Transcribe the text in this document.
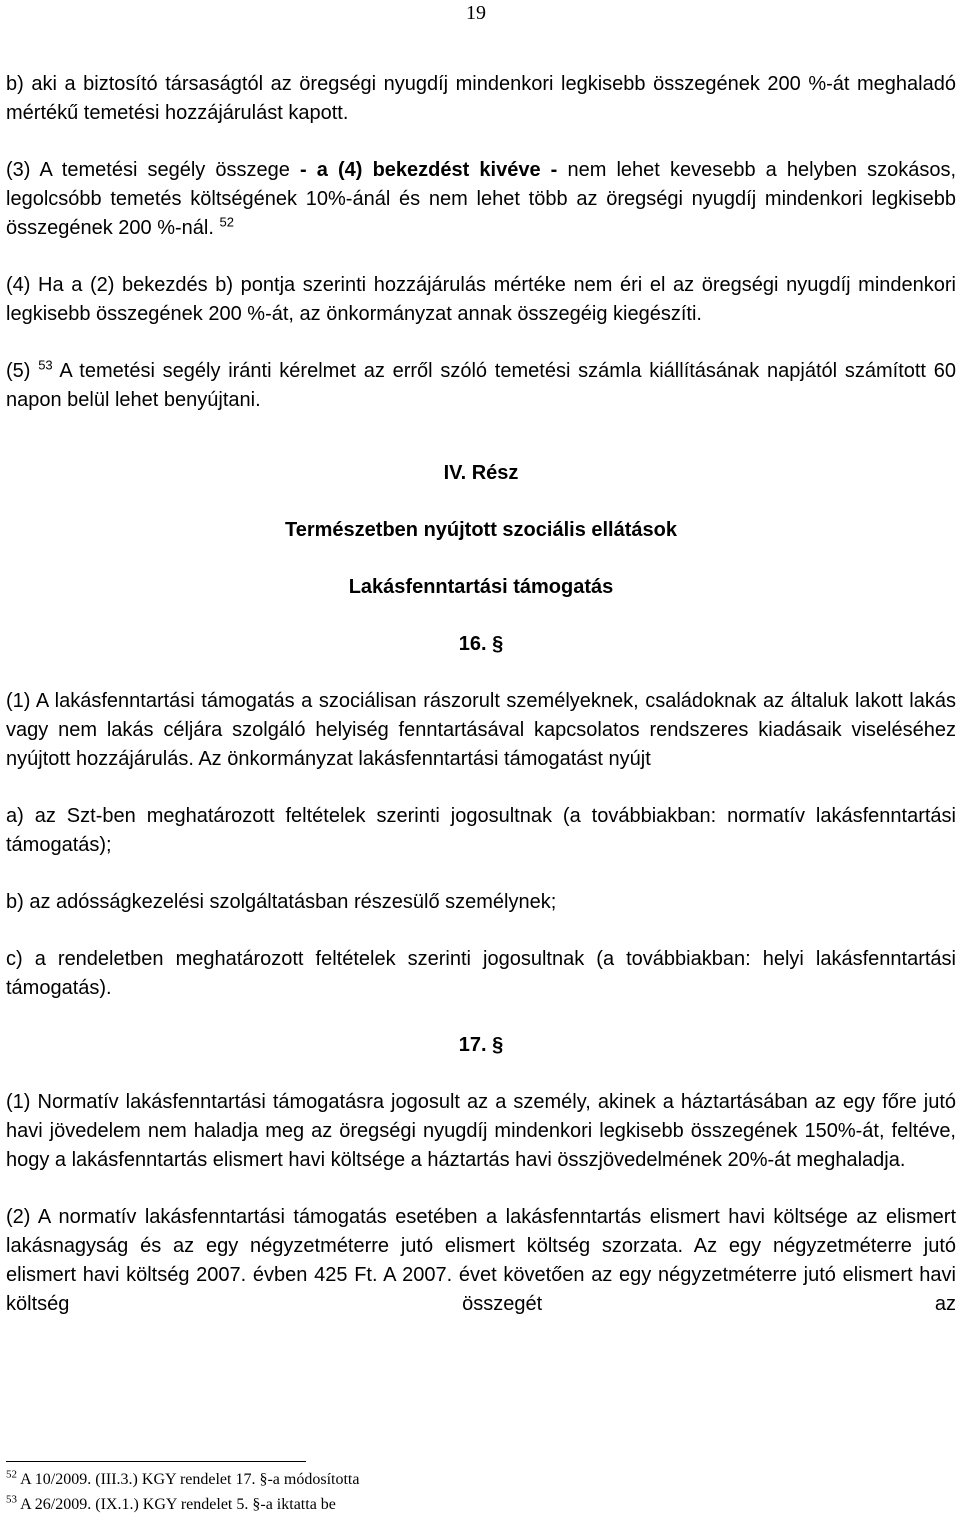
19

b) aki a biztosító társaságtól az öregségi nyugdíj mindenkori legkisebb összegének 200 %-át meghaladó mértékű temetési hozzájárulást kapott.

(3) A temetési segély összege - a (4) bekezdést kivéve - nem lehet kevesebb a helyben szokásos, legolcsóbb temetés költségének 10%-ánál és nem lehet több az öregségi nyugdíj mindenkori legkisebb összegének 200 %-nál. $^{52}$

(4) Ha a (2) bekezdés b) pontja szerinti hozzájárulás mértéke nem éri el az öregségi nyugdíj mindenkori legkisebb összegének 200 %-át, az önkormányzat annak összegéig kiegészíti.

(5) $^{53}$ A temetési segély iránti kérelmet az erről szóló temetési számla kiállításának napjától számított 60 napon belül lehet benyújtani.

IV. Rész
Természetben nyújtott szociális ellátások
Lakásfenntartási támogatás
16. §

(1) A lakásfenntartási támogatás a szociálisan rászorult személyeknek, családoknak az általuk lakott lakás vagy nem lakás céljára szolgáló helyiség fenntartásával kapcsolatos rendszeres kiadásaik viseléséhez nyújtott hozzájárulás. Az önkormányzat lakásfenntartási támogatást nyújt

a) az Szt-ben meghatározott feltételek szerinti jogosultnak (a továbbiakban: normatív lakásfenntartási támogatás);

b) az adósságkezelési szolgáltatásban részesülő személynek;

c) a rendeletben meghatározott feltételek szerinti jogosultnak (a továbbiakban: helyi lakásfenntartási támogatás).

17. §

(1) Normatív lakásfenntartási támogatásra jogosult az a személy, akinek a háztartásában az egy főre jutó havi jövedelem nem haladja meg az öregségi nyugdíj mindenkori legkisebb összegének 150%-át, feltéve, hogy a lakásfenntartás elismert havi költsége a háztartás havi összjövedelmének 20%-át meghaladja.

(2) A normatív lakásfenntartási támogatás esetében a lakásfenntartás elismert havi költsége az elismert lakásnagyság és az egy négyzetméterre jutó elismert költség szorzata. Az egy négyzetméterre jutó elismert havi költség 2007. évben 425 Ft. A 2007. évet követően az egy négyzetméterre jutó elismert havi költség összegét az

$^{52}$ A 10/2009. (III.3.) KGY rendelet 17. §-a módosította
$^{53}$ A 26/2009. (IX.1.) KGY rendelet 5. §-a iktatta be
